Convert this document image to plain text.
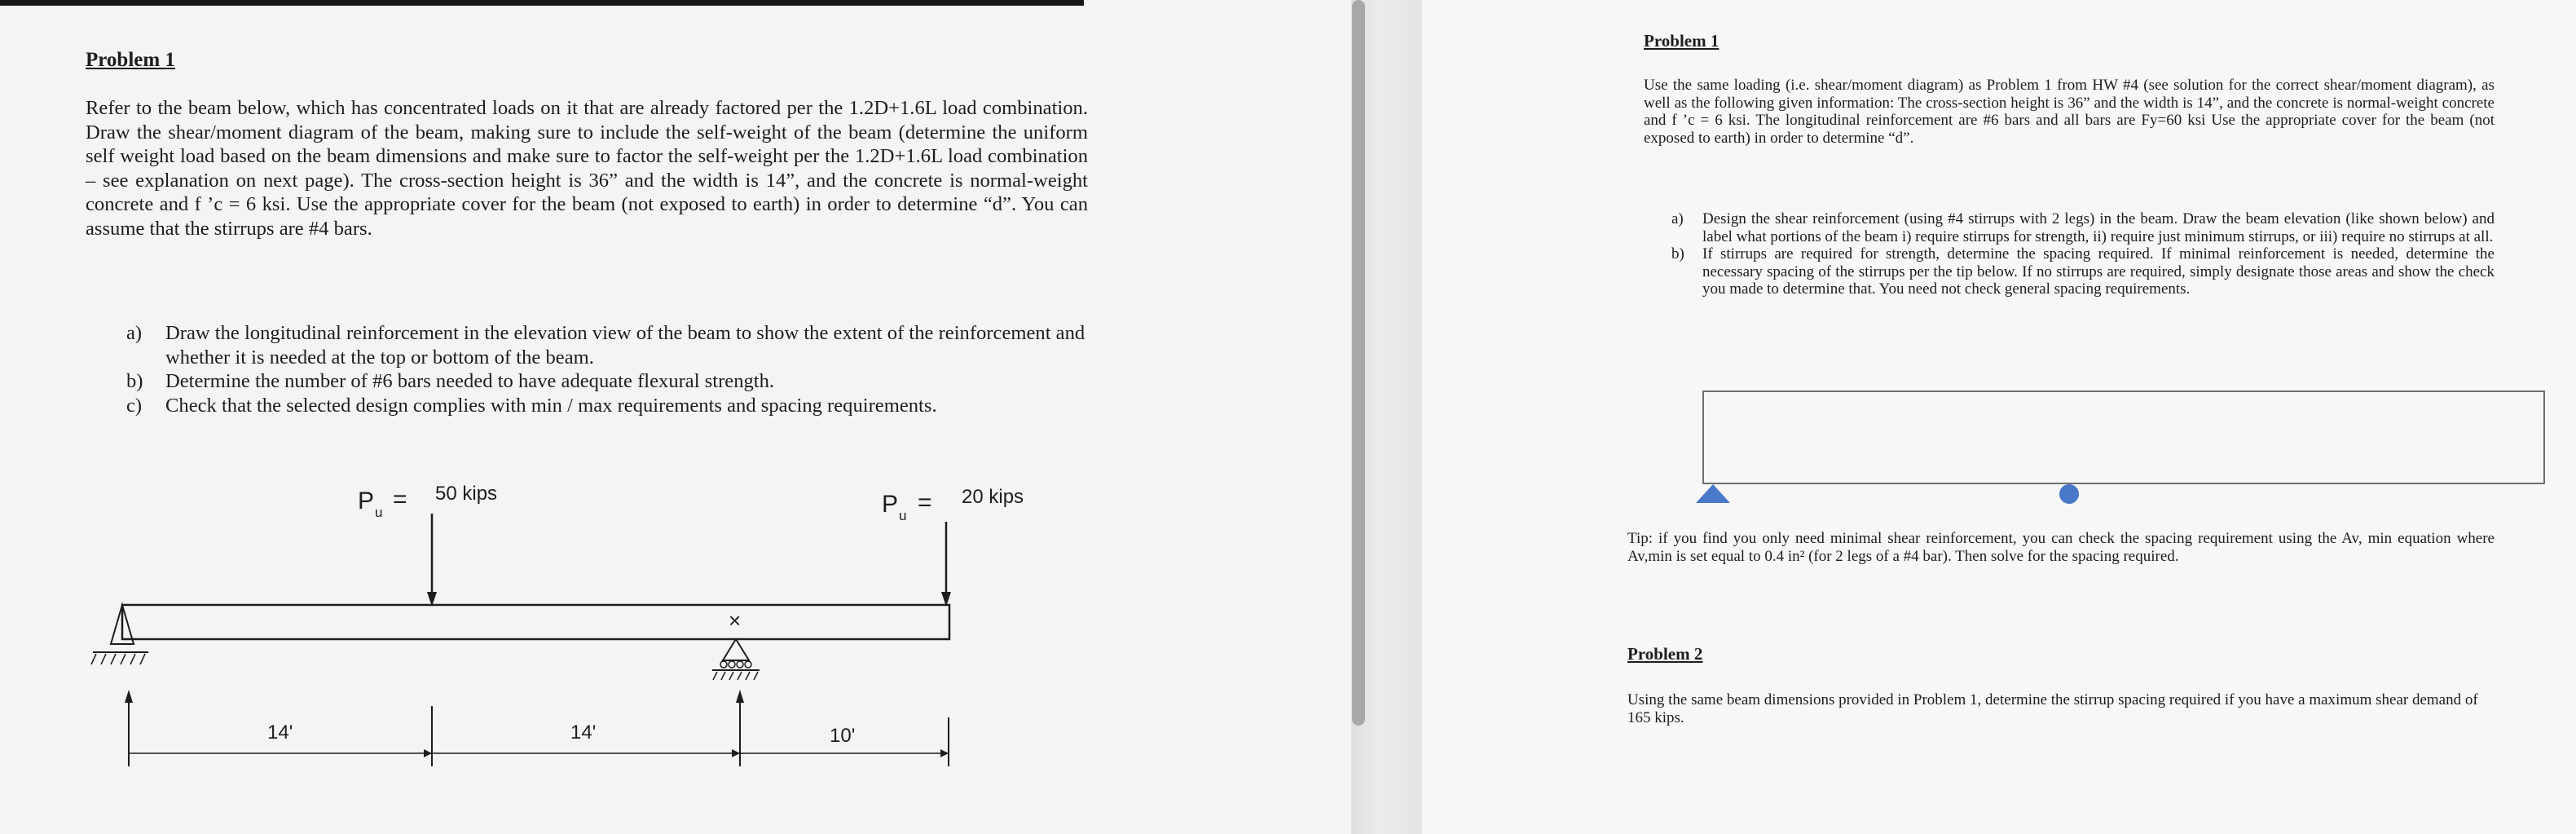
Problem 1

Refer to the beam below, which has concentrated loads on it that are already factored per the 1.2D+1.6L load combination. Draw the shear/moment diagram of the beam, making sure to include the self-weight of the beam (determine the uniform self weight load based on the beam dimensions and make sure to factor the self-weight per the 1.2D+1.6L load combination – see explanation on next page). The cross-section height is 36” and the width is 14”, and the concrete is normal-weight concrete and f ’c = 6 ksi. Use the appropriate cover for the beam (not exposed to earth) in order to determine “d”. You can assume that the stirrups are #4 bars.

a) Draw the longitudinal reinforcement in the elevation view of the beam to show the extent of the reinforcement and whether it is needed at the top or bottom of the beam.
b) Determine the number of #6 bars needed to have adequate flexural strength.
c) Check that the selected design complies with min / max requirements and spacing requirements.
P u = 50 kips	P u = 20 kips
×
14'	14'	10'
Problem 1

Use the same loading (i.e. shear/moment diagram) as Problem 1 from HW #4 (see solution for the correct shear/moment diagram), as well as the following given information: The cross-section height is 36” and the width is 14”, and the concrete is normal-weight concrete and f ’c = 6 ksi. The longitudinal reinforcement are #6 bars and all bars are Fy=60 ksi Use the appropriate cover for the beam (not exposed to earth) in order to determine “d”.

a) Design the shear reinforcement (using #4 stirrups with 2 legs) in the beam. Draw the beam elevation (like shown below) and label what portions of the beam i) require stirrups for strength, ii) require just minimum stirrups, or iii) require no stirrups at all.
b) If stirrups are required for strength, determine the spacing required. If minimal reinforcement is needed, determine the necessary spacing of the stirrups per the tip below. If no stirrups are required, simply designate those areas and show the check you made to determine that. You need not check general spacing requirements.

Tip: if you find you only need minimal shear reinforcement, you can check the spacing requirement using the Av, min equation where Av,min is set equal to 0.4 in² (for 2 legs of a #4 bar). Then solve for the spacing required.

Problem 2

Using the same beam dimensions provided in Problem 1, determine the stirrup spacing required if you have a maximum shear demand of 165 kips.
